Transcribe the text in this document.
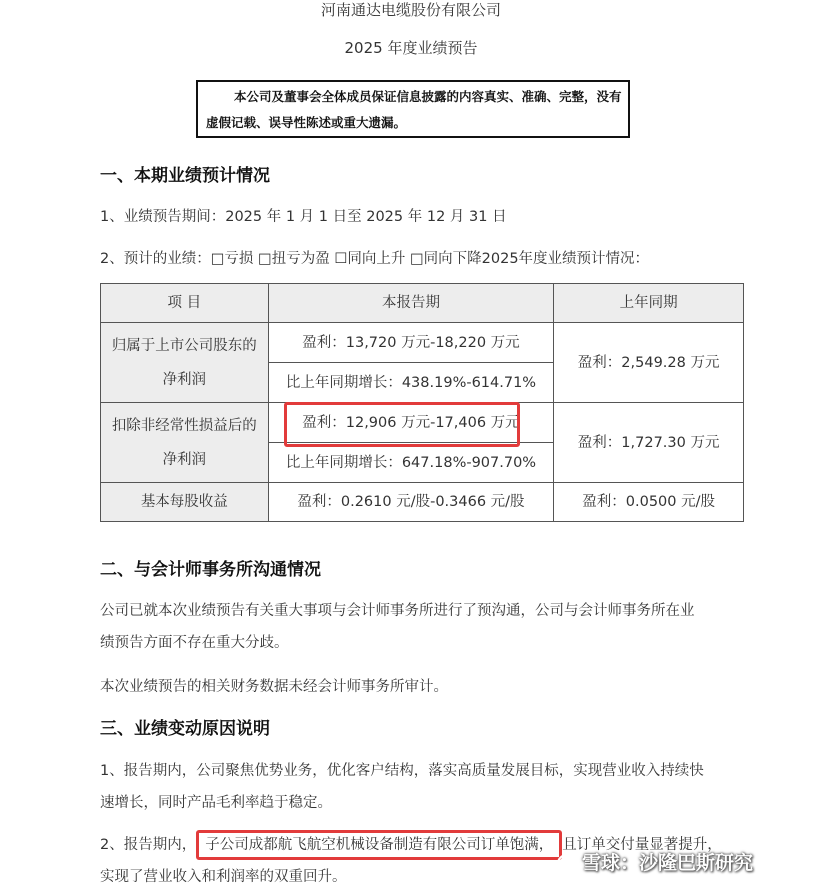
河南通达电缆股份有限公司
2025 年度业绩预告
本公司及董事会全体成员保证信息披露的内容真实、准确、完整，没有
虚假记载、误导性陈述或重大遗漏。
一、本期业绩预计情况
1、业绩预告期间：2025 年 1 月 1 日至 2025 年 12 月 31 日
2、预计的业绩：□亏损 □扭亏为盈 ☐同向上升 □同向下降2025年度业绩预计情况：
项 目	本报告期	上年同期

归属于上市公司股东的
净利润	盈利：13,720 万元-18,220 万元	盈利：2,549.28 万元
	比上年同期增长：438.19%-614.71%	

扣除非经常性损益后的
净利润	盈利：12,906 万元-17,406 万元	盈利：1,727.30 万元
	比上年同期增长：647.18%-907.70%	
基本每股收益	盈利：0.2610 元/股-0.3466 元/股	盈利：0.0500 元/股
二、与会计师事务所沟通情况
公司已就本次业绩预告有关重大事项与会计师事务所进行了预沟通，公司与会计师事务所在业
绩预告方面不存在重大分歧。
本次业绩预告的相关财务数据未经会计师事务所审计。
三、业绩变动原因说明
1、报告期内，公司聚焦优势业务，优化客户结构，落实高质量发展目标，实现营业收入持续快
速增长，同时产品毛利率趋于稳定。
2、报告期内， 子公司成都航飞航空机械设备制造有限公司订单饱满， 且订单交付量显著提升，
实现了营业收入和利润率的双重回升。
雪球：沙隆巴斯研究
